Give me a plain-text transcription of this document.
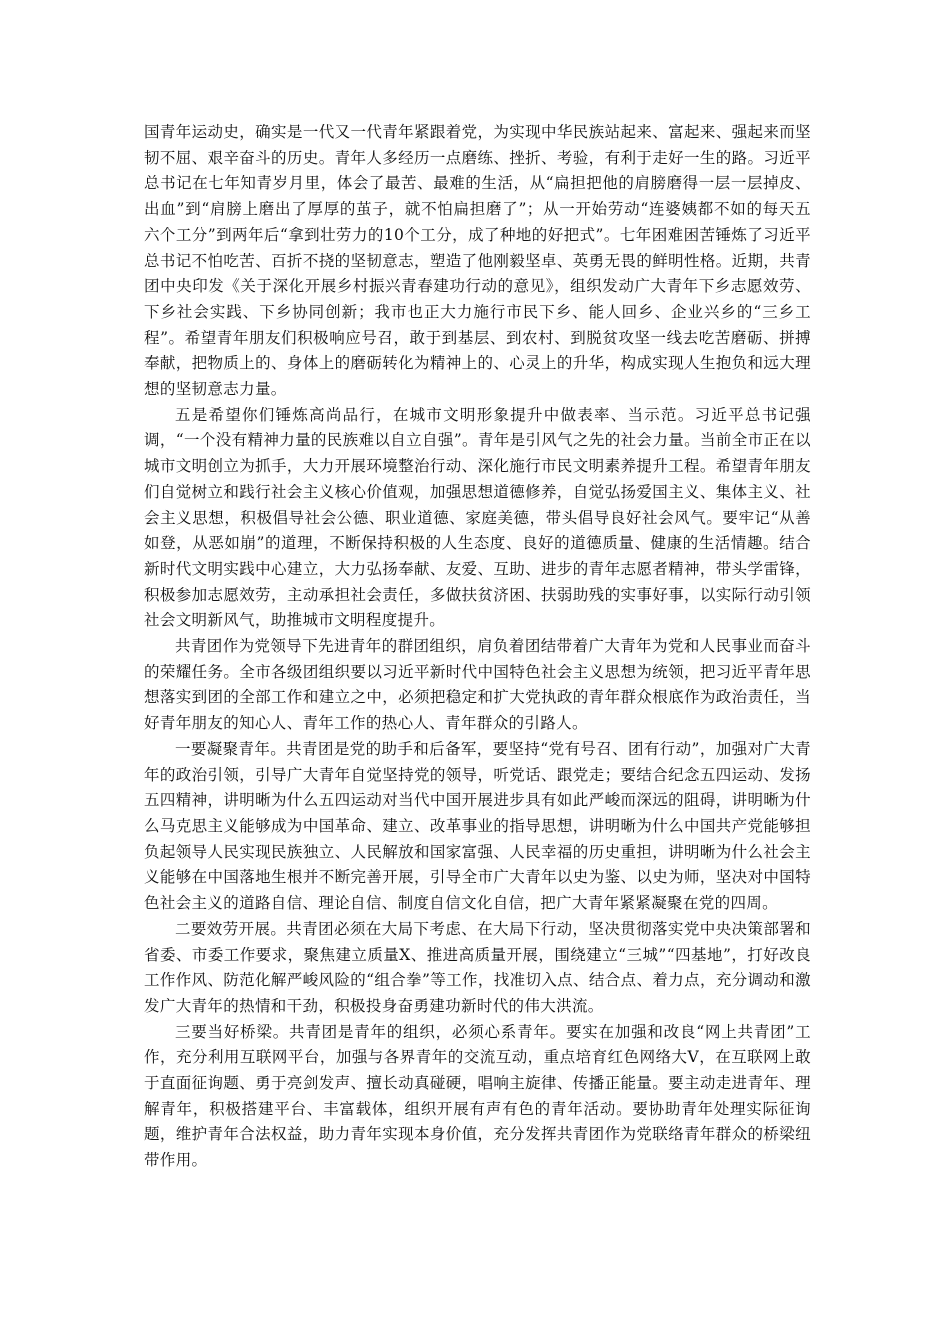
国青年运动史，确实是一代又一代青年紧跟着党，为实现中华民族站起来、富起来、强起来而坚韧不屈、艰辛奋斗的历史。青年人多经历一点磨练、挫折、考验，有利于走好一生的路。习近平总书记在七年知青岁月里，体会了最苦、最难的生活，从“扁担把他的肩膀磨得一层一层掉皮、出血”到“肩膀上磨出了厚厚的茧子，就不怕扁担磨了”；从一开始劳动“连婆姨都不如的每天五六个工分”到两年后“拿到壮劳力的10个工分，成了种地的好把式”。七年困难困苦锤炼了习近平总书记不怕吃苦、百折不挠的坚韧意志，塑造了他刚毅坚卓、英勇无畏的鲜明性格。近期，共青团中央印发《关于深化开展乡村振兴青春建功行动的意见》，组织发动广大青年下乡志愿效劳、下乡社会实践、下乡协同创新；我市也正大力施行市民下乡、能人回乡、企业兴乡的“三乡工程”。希望青年朋友们积极响应号召，敢于到基层、到农村、到脱贫攻坚一线去吃苦磨砺、拼搏奉献，把物质上的、身体上的磨砺转化为精神上的、心灵上的升华，构成实现人生抱负和远大理想的坚韧意志力量。

五是希望你们锤炼高尚品行，在城市文明形象提升中做表率、当示范。习近平总书记强调，“一个没有精神力量的民族难以自立自强”。青年是引风气之先的社会力量。当前全市正在以城市文明创立为抓手，大力开展环境整治行动、深化施行市民文明素养提升工程。希望青年朋友们自觉树立和践行社会主义核心价值观，加强思想道德修养，自觉弘扬爱国主义、集体主义、社会主义思想，积极倡导社会公德、职业道德、家庭美德，带头倡导良好社会风气。要牢记“从善如登，从恶如崩”的道理，不断保持积极的人生态度、良好的道德质量、健康的生活情趣。结合新时代文明实践中心建立，大力弘扬奉献、友爱、互助、进步的青年志愿者精神，带头学雷锋，积极参加志愿效劳，主动承担社会责任，多做扶贫济困、扶弱助残的实事好事，以实际行动引领社会文明新风气，助推城市文明程度提升。

共青团作为党领导下先进青年的群团组织，肩负着团结带着广大青年为党和人民事业而奋斗的荣耀任务。全市各级团组织要以习近平新时代中国特色社会主义思想为统领，把习近平青年思想落实到团的全部工作和建立之中，必须把稳定和扩大党执政的青年群众根底作为政治责任，当好青年朋友的知心人、青年工作的热心人、青年群众的引路人。

一要凝聚青年。共青团是党的助手和后备军，要坚持“党有号召、团有行动”，加强对广大青年的政治引领，引导广大青年自觉坚持党的领导，听党话、跟党走；要结合纪念五四运动、发扬五四精神，讲明晰为什么五四运动对当代中国开展进步具有如此严峻而深远的阻碍，讲明晰为什么马克思主义能够成为中国革命、建立、改革事业的指导思想，讲明晰为什么中国共产党能够担负起领导人民实现民族独立、人民解放和国家富强、人民幸福的历史重担，讲明晰为什么社会主义能够在中国落地生根并不断完善开展，引导全市广大青年以史为鉴、以史为师，坚决对中国特色社会主义的道路自信、理论自信、制度自信文化自信，把广大青年紧紧凝聚在党的四周。

二要效劳开展。共青团必须在大局下考虑、在大局下行动，坚决贯彻落实党中央决策部署和省委、市委工作要求，聚焦建立质量X、推进高质量开展，围绕建立“三城”“四基地”，打好改良工作作风、防范化解严峻风险的“组合拳”等工作，找准切入点、结合点、着力点，充分调动和激发广大青年的热情和干劲，积极投身奋勇建功新时代的伟大洪流。

三要当好桥梁。共青团是青年的组织，必须心系青年。要实在加强和改良“网上共青团”工作，充分利用互联网平台，加强与各界青年的交流互动，重点培育红色网络大V，在互联网上敢于直面征询题、勇于亮剑发声、擅长动真碰硬，唱响主旋律、传播正能量。要主动走进青年、理解青年，积极搭建平台、丰富载体，组织开展有声有色的青年活动。要协助青年处理实际征询题，维护青年合法权益，助力青年实现本身价值，充分发挥共青团作为党联络青年群众的桥梁纽带作用。
